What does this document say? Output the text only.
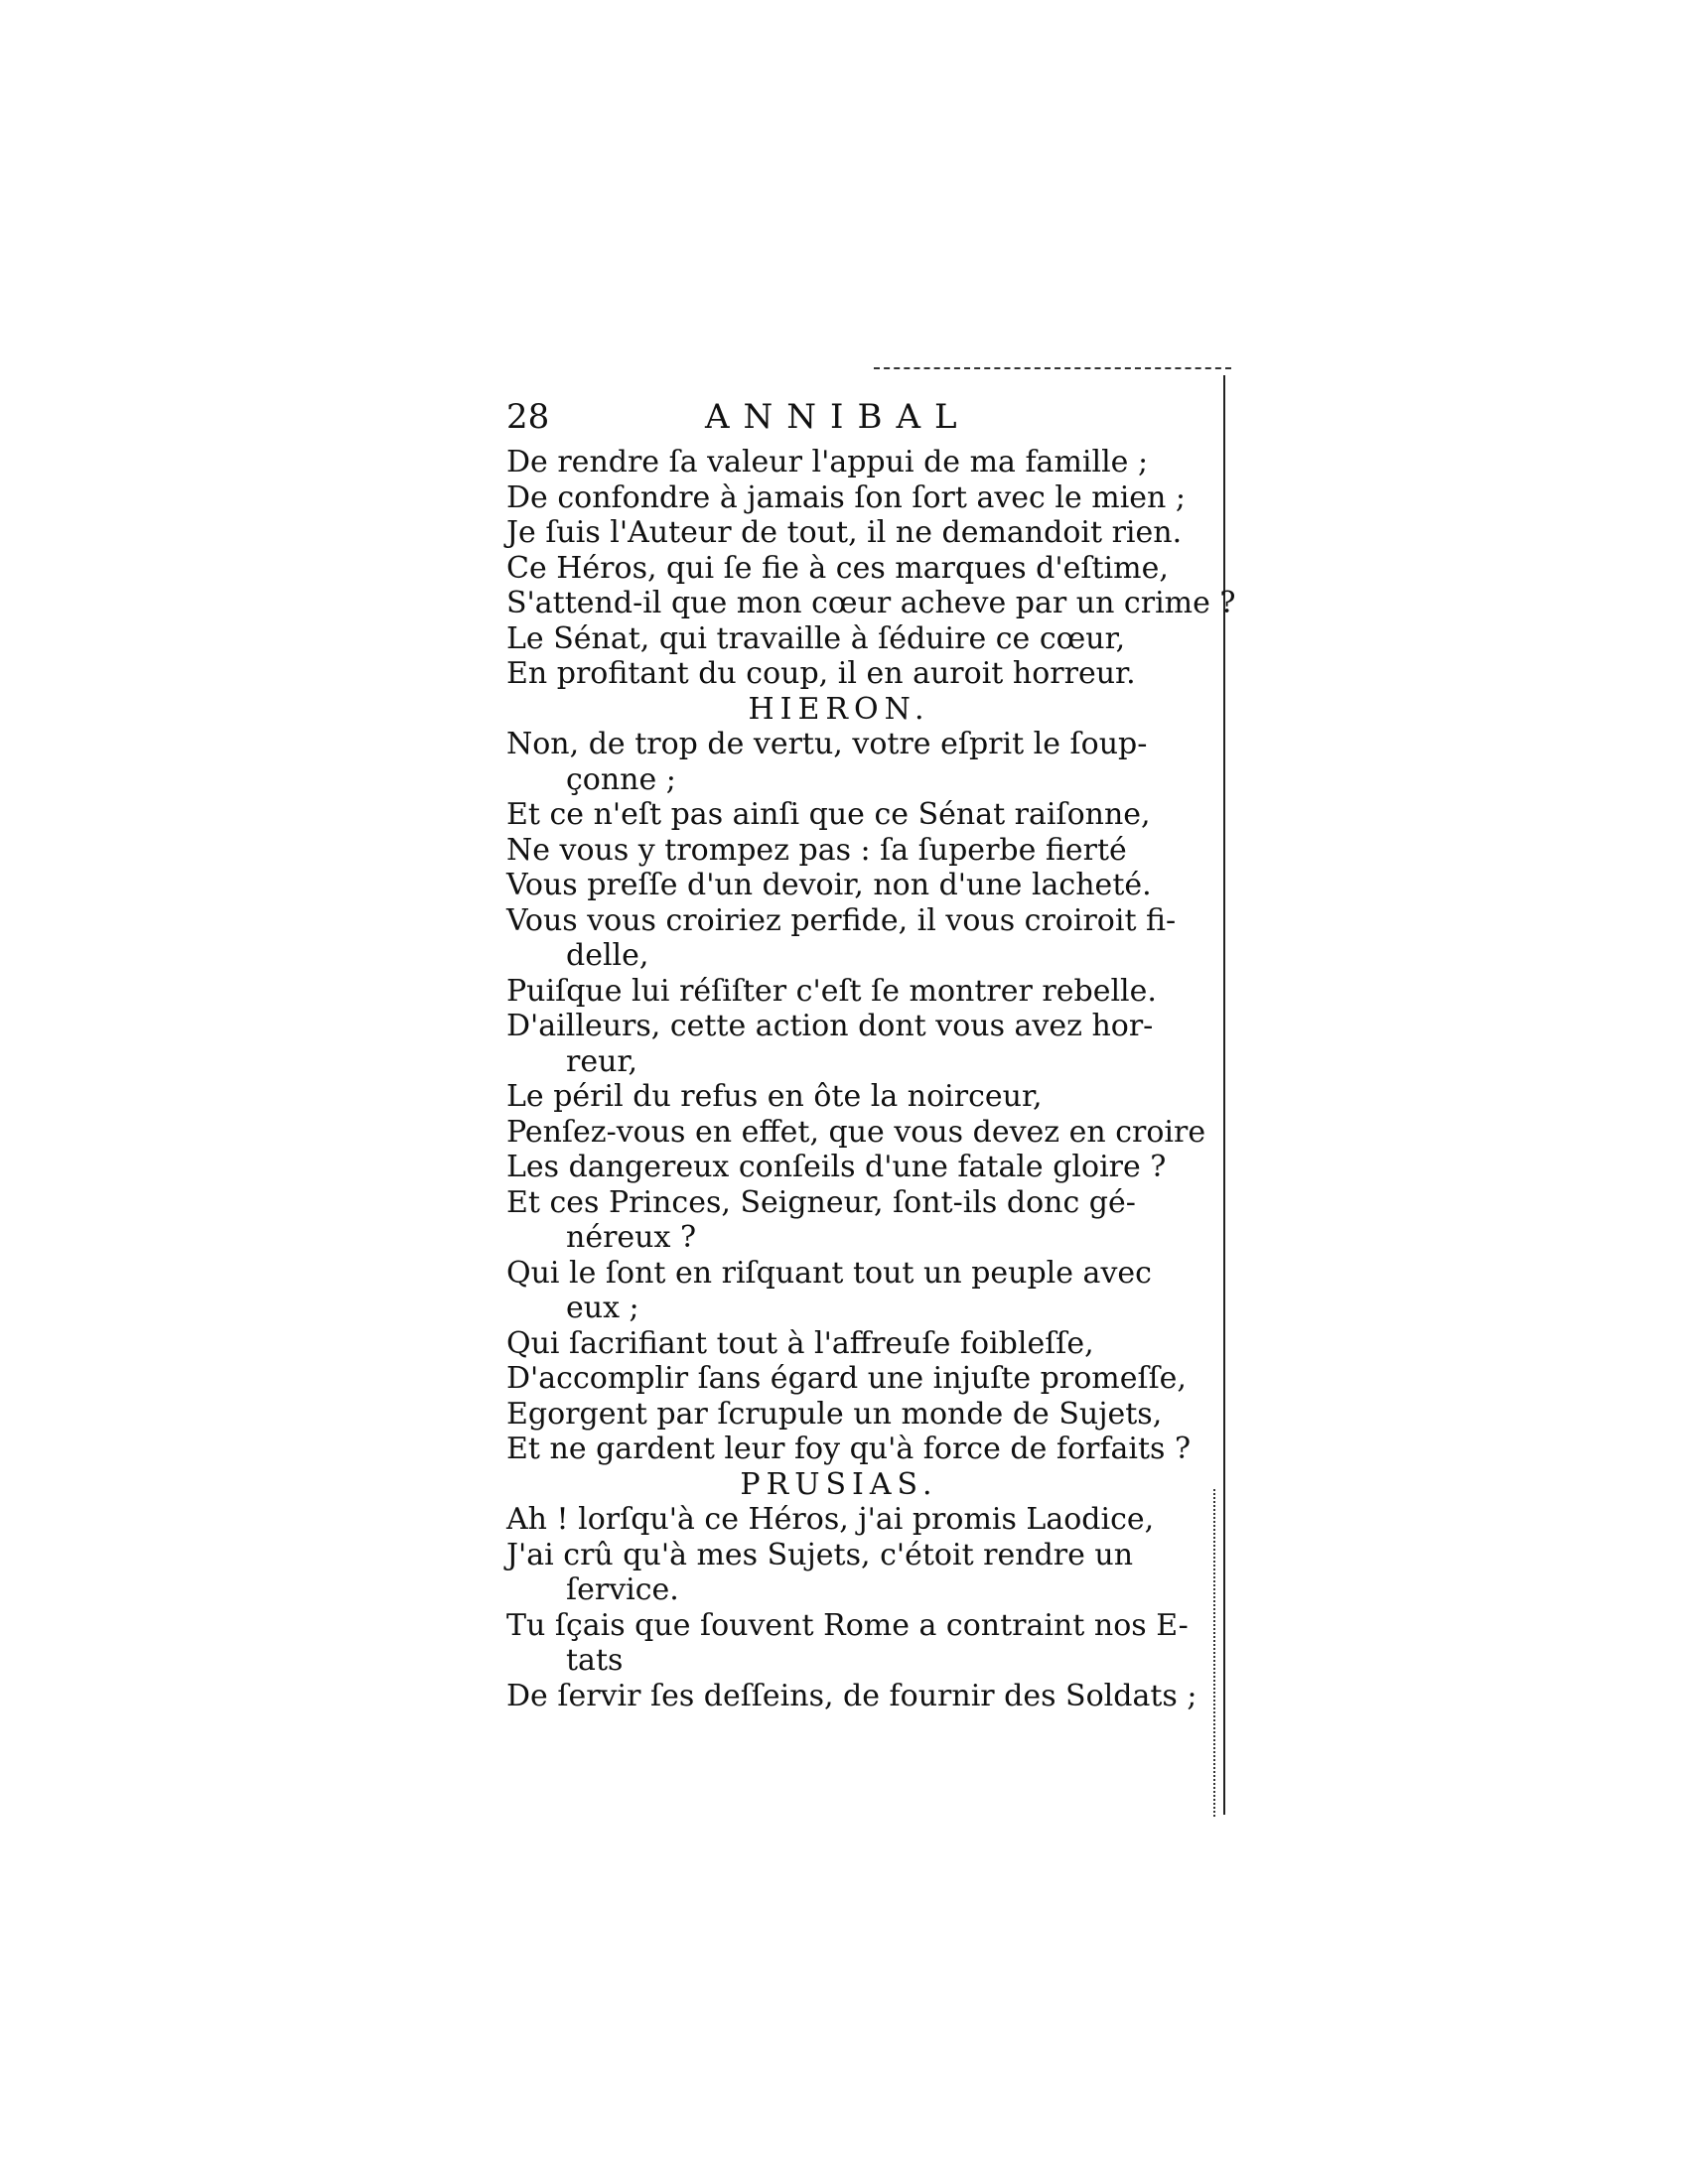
28	ANNIBAL
De rendre ſa valeur l'appui de ma famille ;
De confondre à jamais ſon ſort avec le mien ;
Je ſuis l'Auteur de tout, il ne demandoit rien.
Ce Héros, qui ſe fie à ces marques d'eſtime,
S'attend-il que mon cœur acheve par un crime ?
Le Sénat, qui travaille à ſéduire ce cœur,
En profitant du coup, il en auroit horreur.
HIERON.
Non, de trop de vertu, votre eſprit le ſoup-
çonne ;
Et ce n'eſt pas ainſi que ce Sénat raiſonne,
Ne vous y trompez pas : ſa ſuperbe fierté
Vous preſſe d'un devoir, non d'une lacheté.
Vous vous croiriez perfide, il vous croiroit fi-
delle,
Puiſque lui réſiſter c'eſt ſe montrer rebelle.
D'ailleurs, cette action dont vous avez hor-
reur,
Le péril du refus en ôte la noirceur,
Penſez-vous en effet, que vous devez en croire
Les dangereux conſeils d'une fatale gloire ?
Et ces Princes, Seigneur, ſont-ils donc gé-
néreux ?
Qui le ſont en riſquant tout un peuple avec
eux ;
Qui ſacrifiant tout à l'affreuſe foibleſſe,
D'accomplir ſans égard une injuſte promeſſe,
Egorgent par ſcrupule un monde de Sujets,
Et ne gardent leur foy qu'à force de forfaits ?
PRUSIAS.
Ah ! lorſqu'à ce Héros, j'ai promis Laodice,
J'ai crû qu'à mes Sujets, c'étoit rendre un
ſervice.
Tu ſçais que ſouvent Rome a contraint nos E-
tats
De ſervir ſes deſſeins, de fournir des Soldats ;
